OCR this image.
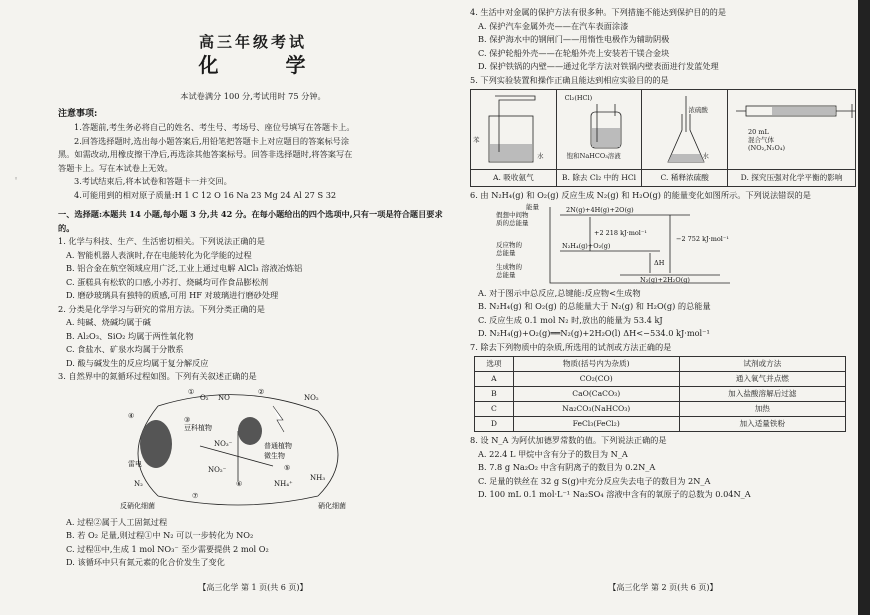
◦
高三年级考试
化 学
本试卷满分 100 分,考试用时 75 分钟。
注意事项:
1.答题前,考生务必将自己的姓名、考生号、考场号、座位号填写在答题卡上。
2.回答选择题时,选出每小题答案后,用铅笔把答题卡上对应题目的答案标号涂
黑。如需改动,用橡皮擦干净后,再选涂其他答案标号。回答非选择题时,将答案写在
答题卡上。写在本试卷上无效。
3.考试结束后,将本试卷和答题卡一并交回。
4.可能用到的相对原子质量:H 1 C 12 O 16 Na 23 Mg 24 Al 27 S 32
一、选择题:本题共 14 小题,每小题 3 分,共 42 分。在每小题给出的四个选项中,只有一项是符合题目要求的。
1. 化学与科技、生产、生活密切相关。下列说法正确的是
A. 智能机器人表演时,存在电能转化为化学能的过程
B. 铝合金在航空领域应用广泛,工业上通过电解 AlCl₃ 溶液冶炼铝
C. 蛋糕具有松软的口感,小苏打、烧碱均可作食品膨松剂
D. 磨砂玻璃具有独特的质感,可用 HF 对玻璃进行磨砂处理
2. 分类是化学学习与研究的常用方法。下列分类正确的是
A. 纯碱、烧碱均属于碱
B. Al₂O₃、SiO₂ 均属于两性氧化物
C. 食盐水、矿泉水均属于分散系
D. 酸与碱发生的反应均属于复分解反应
3. 自然界中的氮循环过程如图。下列有关叙述正确的是
O₂ NO	NO₂
①	②
③
豆科植物
④
NO₃⁻
NO₂⁻
普通植物
微生物
⑤
NH₃
NH₄⁺
⑥
雷电
N₂
⑦
反硝化细菌	硝化细菌
A. 过程②属于人工固氮过程
B. 若 O₂ 足量,则过程①中 N₂ 可以一步转化为 NO₂
C. 过程⑪中,生成 1 mol NO₃⁻ 至少需要提供 2 mol O₂
D. 该循环中只有氮元素的化合价发生了变化
【高三化学 第 1 页(共 6 页)】
4. 生活中对金属的保护方法有很多种。下列措施不能达到保护目的的是
A. 保护汽车金属外壳——在汽车表面涂漆
B. 保护海水中的钢闸门——用惰性电极作为辅助阴极
C. 保护轮船外壳——在轮船外壳上安装若干镁合金块
D. 保护铁锅的内壁——通过化学方法对铁锅内壁表面进行发蓝处理
5. 下列实验装置和操作正确且能达到相应实验目的的是
苯
水
A. 吸收氨气
Cl₂(HCl)
饱和NaHCO₃溶液
B. 除去 Cl₂ 中的 HCl
浓硫酸
水
C. 稀释浓硫酸
20 mL
混合气体
(NO₂,N₂O₄)
D. 探究压强对化学平衡的影响
6. 由 N₂H₄(g) 和 O₂(g) 反应生成 N₂(g) 和 H₂O(g) 的能量变化如图所示。下列说法错误的是
能量
假想中间物
质的总能量
反应物的
总能量
生成物的
总能量
2N(g)+4H(g)+2O(g)
+2 218 kJ·mol⁻¹
−2 752 kJ·mol⁻¹
N₂H₄(g)+O₂(g)
ΔH
N₂(g)+2H₂O(g)
A. 对于图示中总反应,总键能:反应物<生成物
B. N₂H₄(g) 和 O₂(g) 的总能量大于 N₂(g) 和 H₂O(g) 的总能量
C. 反应生成 0.1 mol N₂ 时,放出的能量为 53.4 kJ
D. N₂H₄(g)+O₂(g)══N₂(g)+2H₂O(l) ΔH<−534.0 kJ·mol⁻¹
7. 除去下列物质中的杂质,所选用的试剂或方法正确的是
选项	物质(括号内为杂质)	试剂或方法
A	CO₂(CO)	通入氧气并点燃
B	CaO(CaCO₃)	加入盐酸溶解后过滤
C	Na₂CO₃(NaHCO₃)	加热
D	FeCl₃(FeCl₂)	加入适量铁粉
8. 设 N_A 为阿伏加德罗常数的值。下列说法正确的是
A. 22.4 L 甲烷中含有分子的数目为 N_A
B. 7.8 g Na₂O₂ 中含有阴离子的数目为 0.2N_A
C. 足量的铁丝在 32 g S(g)中充分反应失去电子的数目为 2N_A
D. 100 mL 0.1 mol·L⁻¹ Na₂SO₄ 溶液中含有的氧原子的总数为 0.04N_A
【高三化学 第 2 页(共 6 页)】
